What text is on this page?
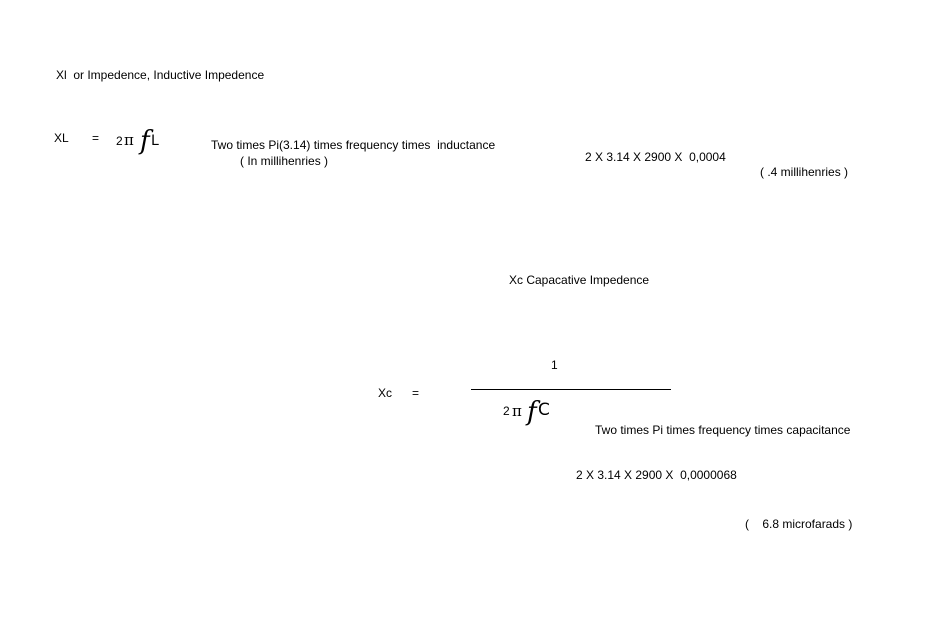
Xl  or Impedence, Inductive Impedence
XL = 2 π f L	Two times Pi(3.14) times frequency times  inductance
( In millihenries )	2 X 3.14 X 2900 X  0,0004
( .4 millihenries )
Xc Capacative Impedence
1
Xc =
2 π f C
Two times Pi times frequency times capacitance
2 X 3.14 X 2900 X  0,0000068
(    6.8 microfarads )
